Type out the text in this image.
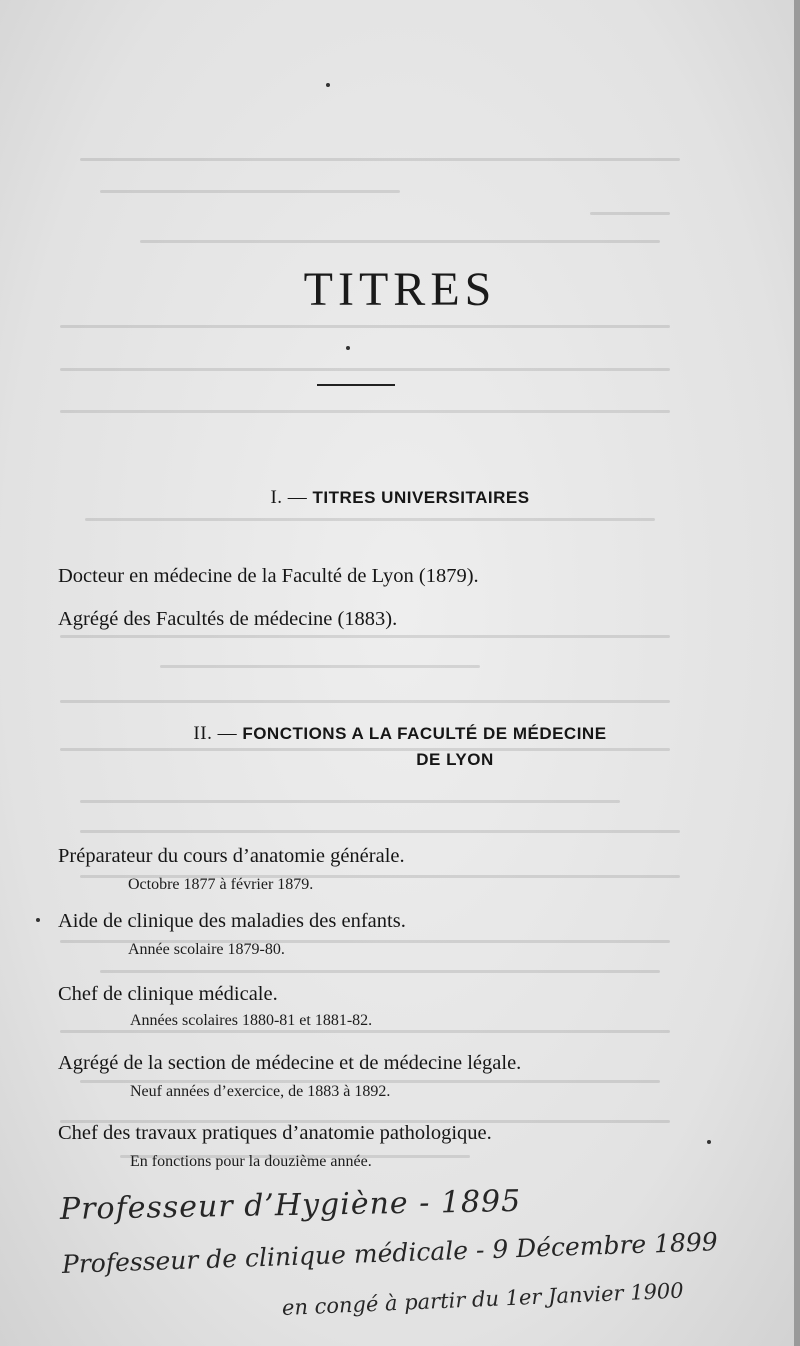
TITRES
I. — TITRES UNIVERSITAIRES
Docteur en médecine de la Faculté de Lyon (1879).
Agrégé des Facultés de médecine (1883).
II. — FONCTIONS A LA FACULTÉ DE MÉDECINE
DE LYON
Préparateur du cours d’anatomie générale.
Octobre 1877 à février 1879.
Aide de clinique des maladies des enfants.
Année scolaire 1879-80.
Chef de clinique médicale.
Années scolaires 1880-81 et 1881-82.
Agrégé de la section de médecine et de médecine légale.
Neuf années d’exercice, de 1883 à 1892.
Chef des travaux pratiques d’anatomie pathologique.
En fonctions pour la douzième année.
Professeur d’Hygiène - 1895
Professeur de clinique médicale - 9 Décembre 1899
en congé à partir du 1er Janvier 1900
